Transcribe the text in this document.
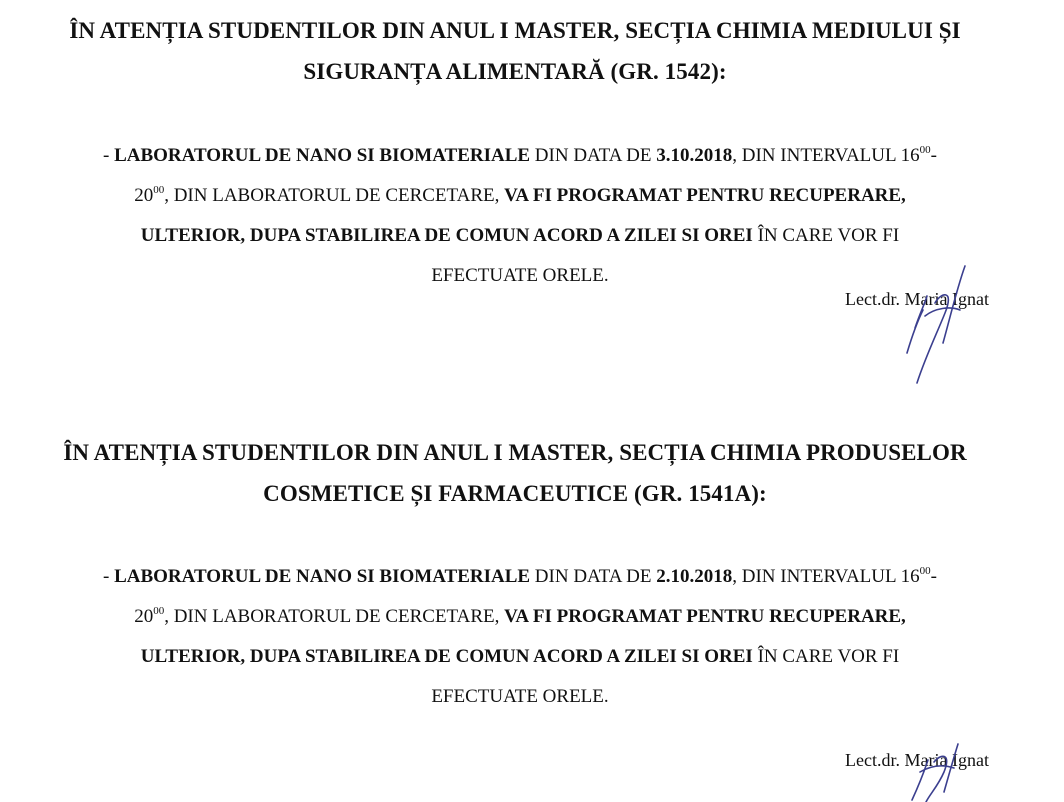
ÎN ATENȚIA STUDENTILOR DIN ANUL I MASTER, SECȚIA CHIMIA MEDIULUI ȘI
SIGURANȚA ALIMENTARĂ (GR. 1542):
- LABORATORUL DE NANO SI BIOMATERIALE DIN DATA DE 3.10.2018, DIN INTERVALUL $16^{00}-$
$20^{00}$, DIN LABORATORUL DE CERCETARE, VA FI PROGRAMAT PENTRU RECUPERARE,
ULTERIOR, DUPA STABILIREA DE COMUN ACORD A ZILEI SI OREI ÎN CARE VOR FI
EFECTUATE ORELE.
Lect.dr. Maria Ignat
ÎN ATENȚIA STUDENTILOR DIN ANUL I MASTER, SECȚIA CHIMIA PRODUSELOR
COSMETICE ȘI FARMACEUTICE (GR. 1541A):
- LABORATORUL DE NANO SI BIOMATERIALE DIN DATA DE 2.10.2018, DIN INTERVALUL $16^{00}-$
$20^{00}$, DIN LABORATORUL DE CERCETARE, VA FI PROGRAMAT PENTRU RECUPERARE,
ULTERIOR, DUPA STABILIREA DE COMUN ACORD A ZILEI SI OREI ÎN CARE VOR FI
EFECTUATE ORELE.
Lect.dr. Maria Ignat
